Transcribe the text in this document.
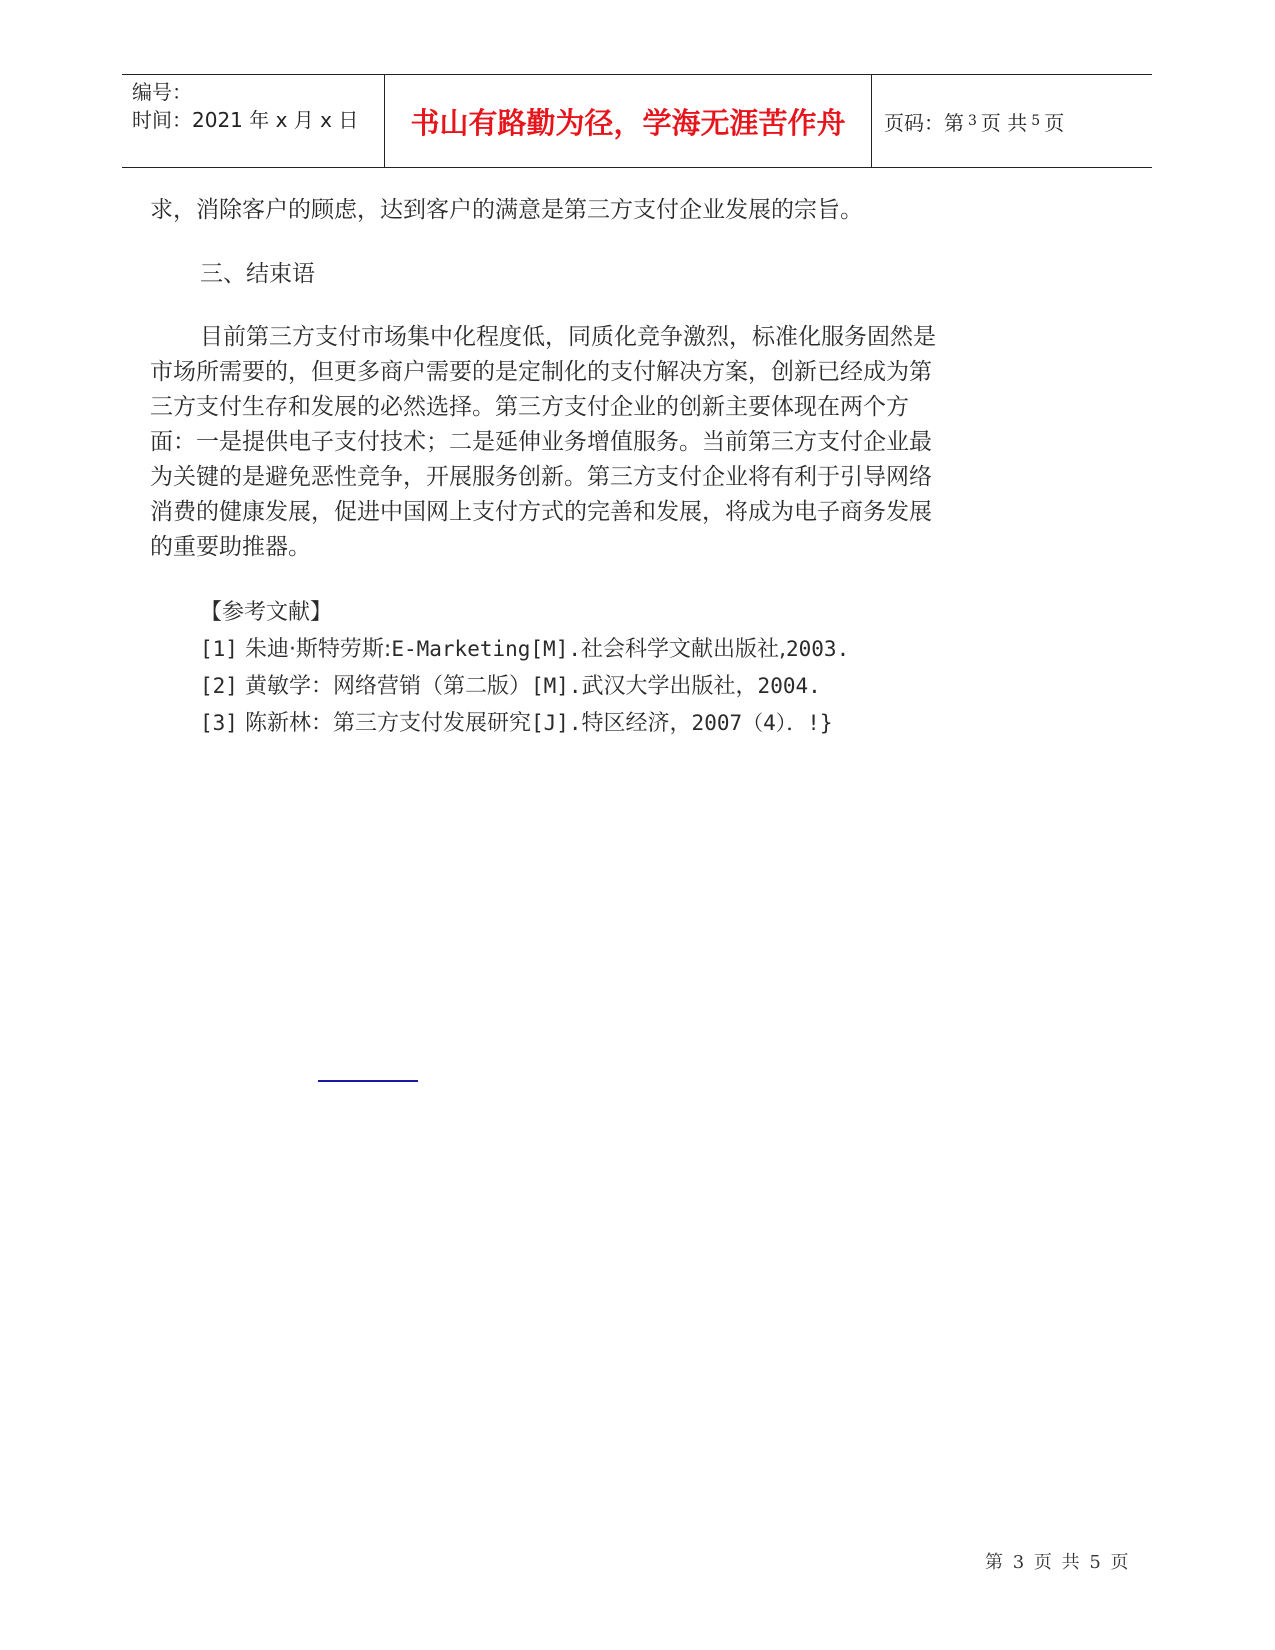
编号：
时间：2021 年 x 月 x 日	书山有路勤为径，学海无涯苦作舟	页码：第 3 页 共 5 页
求，消除客户的顾虑，达到客户的满意是第三方支付企业发展的宗旨。
三、结束语
目前第三方支付市场集中化程度低，同质化竞争激烈，标准化服务固然是市场所需要的，但更多商户需要的是定制化的支付解决方案，创新已经成为第三方支付生存和发展的必然选择。第三方支付企业的创新主要体现在两个方面：一是提供电子支付技术；二是延伸业务增值服务。当前第三方支付企业最为关键的是避免恶性竞争，开展服务创新。第三方支付企业将有利于引导网络消费的健康发展，促进中国网上支付方式的完善和发展，将成为电子商务发展的重要助推器。
【参考文献】
[1] 朱迪·斯特劳斯:E-Marketing[M].社会科学文献出版社,2003.
[2] 黄敏学：网络营销（第二版）[M].武汉大学出版社，2004.
[3] 陈新林：第三方支付发展研究[J].特区经济，2007（4）．!}
第 3 页 共 5 页
